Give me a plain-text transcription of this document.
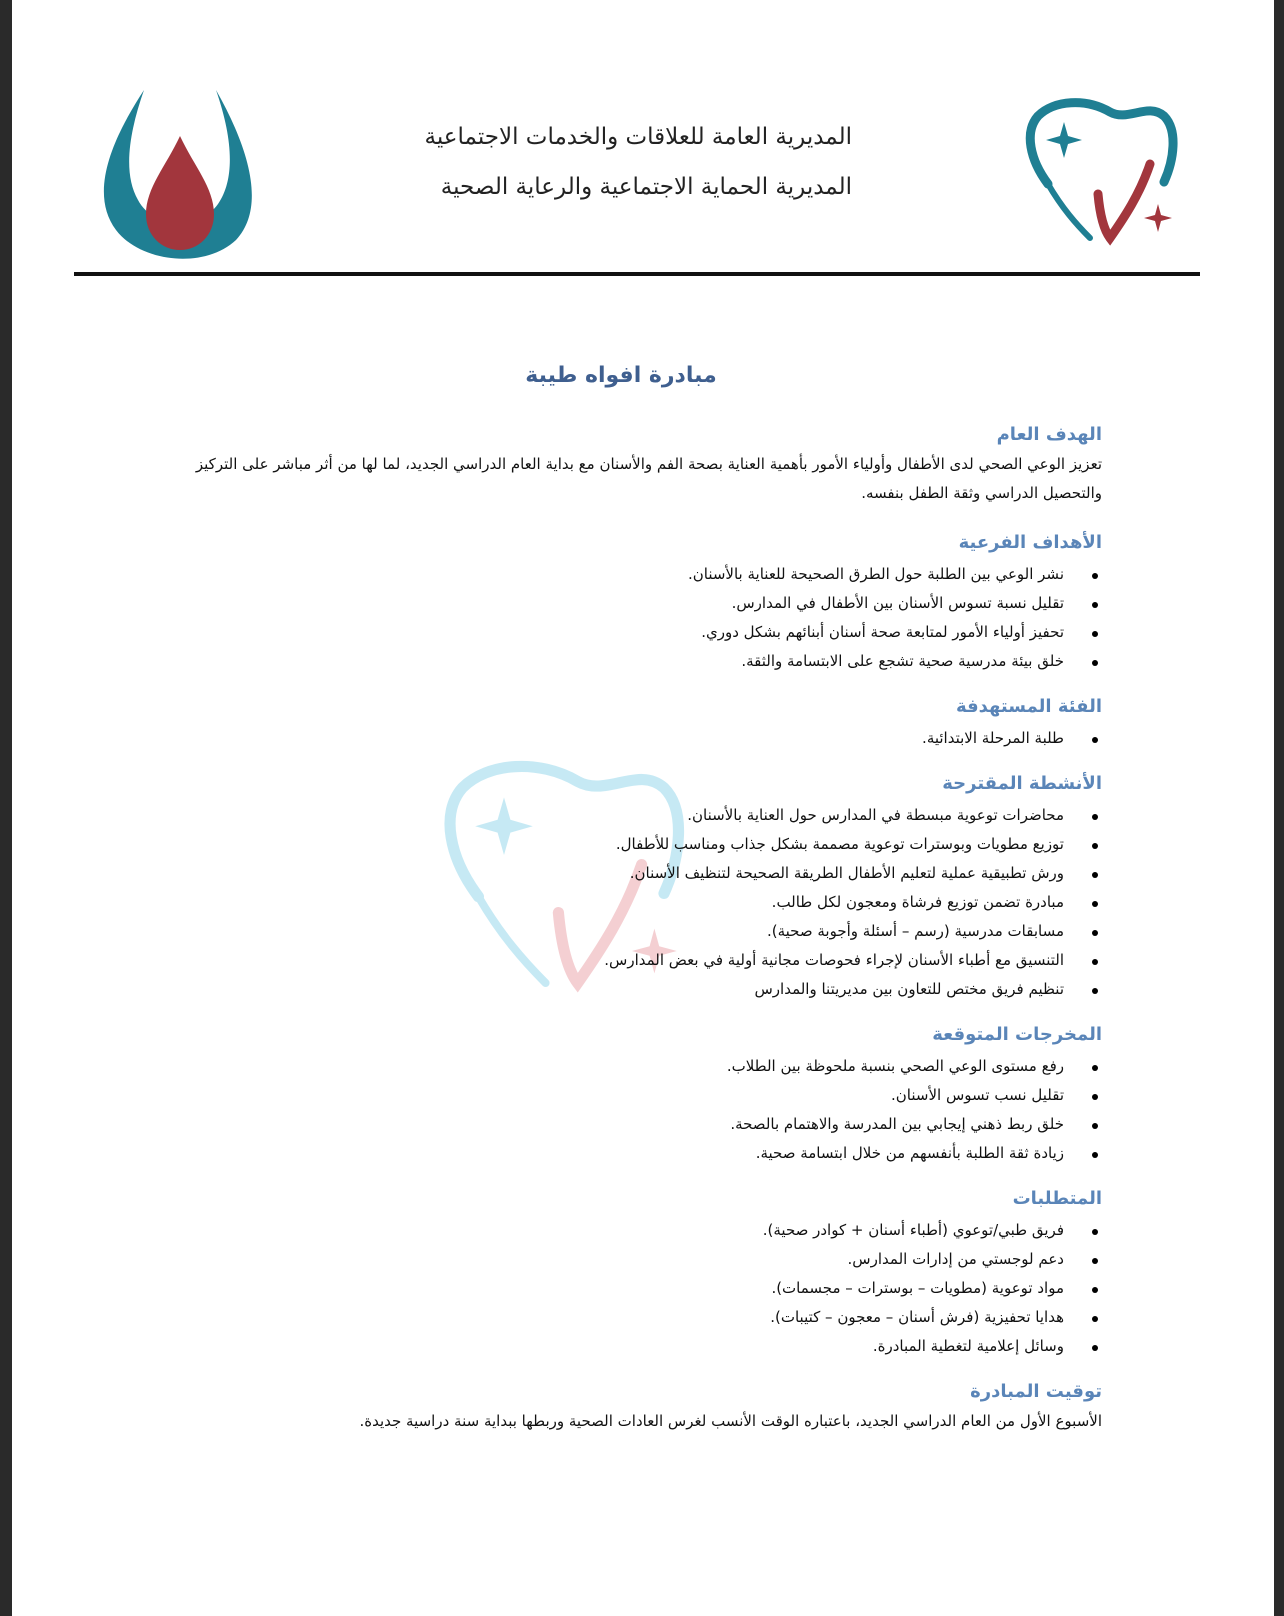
المديرية العامة للعلاقات والخدمات الاجتماعية
المديرية الحماية الاجتماعية والرعاية الصحية
مبادرة افواه طيبة
الهدف العام
تعزيز الوعي الصحي لدى الأطفال وأولياء الأمور بأهمية العناية بصحة الفم والأسنان مع بداية العام الدراسي الجديد، لما لها من أثر مباشر على التركيز والتحصيل الدراسي وثقة الطفل بنفسه.
الأهداف الفرعية
نشر الوعي بين الطلبة حول الطرق الصحيحة للعناية بالأسنان.
تقليل نسبة تسوس الأسنان بين الأطفال في المدارس.
تحفيز أولياء الأمور لمتابعة صحة أسنان أبنائهم بشكل دوري.
خلق بيئة مدرسية صحية تشجع على الابتسامة والثقة.
الفئة المستهدفة
طلبة المرحلة الابتدائية.
الأنشطة المقترحة
محاضرات توعوية مبسطة في المدارس حول العناية بالأسنان.
توزيع مطويات وبوسترات توعوية مصممة بشكل جذاب ومناسب للأطفال.
ورش تطبيقية عملية لتعليم الأطفال الطريقة الصحيحة لتنظيف الأسنان.
مبادرة تضمن توزيع فرشاة ومعجون لكل طالب.
مسابقات مدرسية (رسم – أسئلة وأجوبة صحية).
التنسيق مع أطباء الأسنان لإجراء فحوصات مجانية أولية في بعض المدارس.
تنظيم فريق مختص للتعاون بين مديريتنا والمدارس
المخرجات المتوقعة
رفع مستوى الوعي الصحي بنسبة ملحوظة بين الطلاب.
تقليل نسب تسوس الأسنان.
خلق ربط ذهني إيجابي بين المدرسة والاهتمام بالصحة.
زيادة ثقة الطلبة بأنفسهم من خلال ابتسامة صحية.
المتطلبات
فريق طبي/توعوي (أطباء أسنان + كوادر صحية).
دعم لوجستي من إدارات المدارس.
مواد توعوية (مطويات – بوسترات – مجسمات).
هدايا تحفيزية (فرش أسنان – معجون – كتيبات).
وسائل إعلامية لتغطية المبادرة.
توقيت المبادرة
الأسبوع الأول من العام الدراسي الجديد، باعتباره الوقت الأنسب لغرس العادات الصحية وربطها ببداية سنة دراسية جديدة.
